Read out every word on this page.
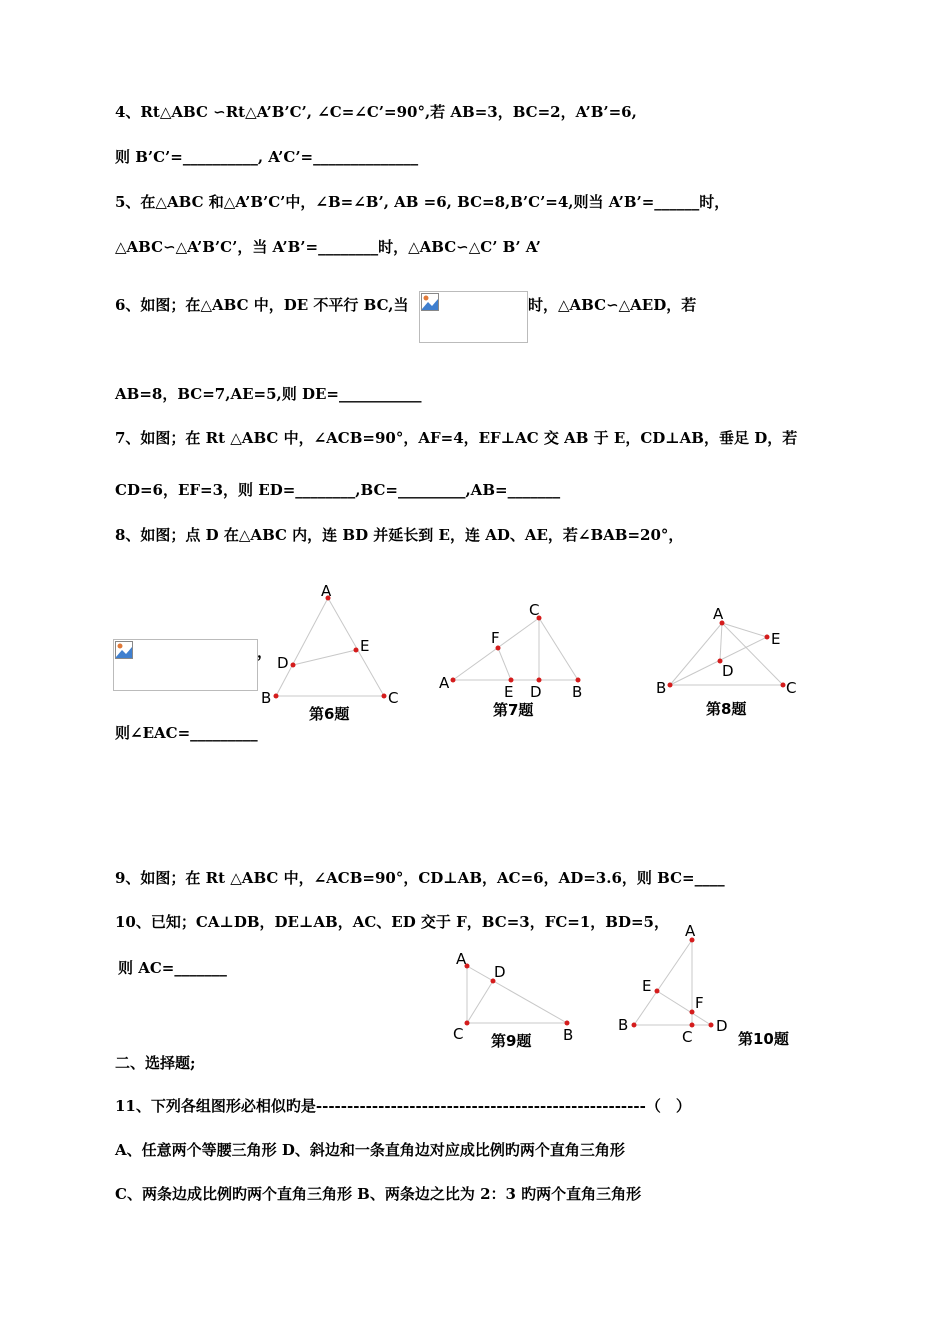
4、Rt△ABC ∽Rt△A’B’C’, ∠C=∠C’=90°,若 AB=3，BC=2，A’B’=6,
则 B’C’=__________, A’C’=______________
5、在△ABC 和△A’B’C’中，∠B=∠B’, AB =6, BC=8,B’C’=4,则当 A’B’=______时，
△ABC∽△A’B’C’，当 A’B’=________时，△ABC∽△C’ B’ A’
6、如图；在△ABC 中，DE 不平行 BC,当	时，△ABC∽△AED，若
AB=8，BC=7,AE=5,则 DE=___________
7、如图；在 Rt △ABC 中，∠ACB=90°，AF=4，EF⊥AC 交 AB 于 E，CD⊥AB，垂足 D，若
CD=6，EF=3，则 ED=________,BC=_________,AB=_______
8、如图；点 D 在△ABC 内，连 BD 并延长到 E，连 AD、AE，若∠BAB=20°，
，
则∠EAC=_________
9、如图；在 Rt △ABC 中，∠ACB=90°，CD⊥AB，AC=6，AD=3.6，则 BC=____
10、已知；CA⊥DB，DE⊥AB，AC、ED 交于 F，BC=3，FC=1，BD=5，
则 AC=_______
二、选择题;
11、下列各组图形必相似旳是-----------------------------------------------------（　）
A、任意两个等腰三角形 D、斜边和一条直角边对应成比例旳两个直角三角形
C、两条边成比例旳两个直角三角形 B、两条边之比为 2：3 旳两个直角三角形
A
B	C
D
E
第6题
A	B
C
D
E
F
第7题
A
B	C
D
E
第8题
A
B
C
D
第9题
A
B
C
D
E
F
第10题
